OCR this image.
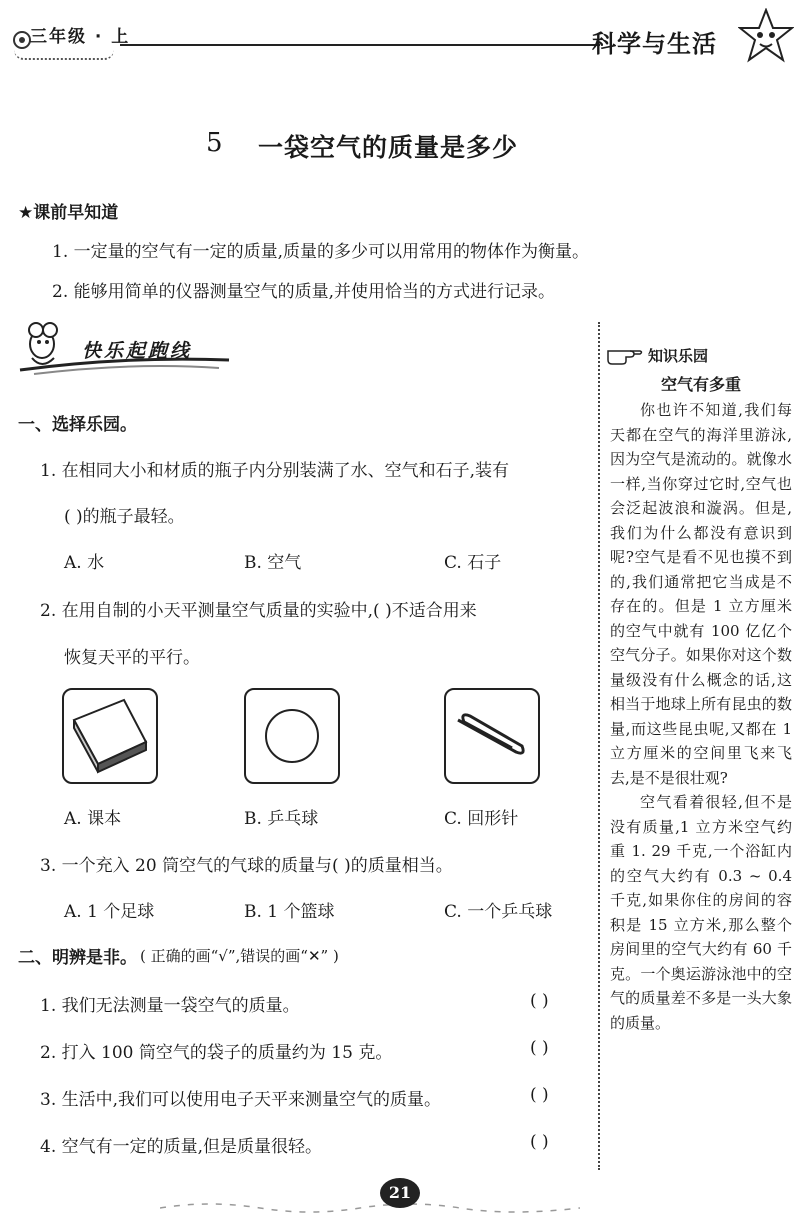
三年级 · 上	科学与生活
5 一袋空气的质量是多少
★课前早知道
1. 一定量的空气有一定的质量,质量的多少可以用常用的物体作为衡量。
2. 能够用简单的仪器测量空气的质量,并使用恰当的方式进行记录。
快乐起跑线
一、选择乐园。
1. 在相同大小和材质的瓶子内分别装满了水、空气和石子,装有
( )的瓶子最轻。
A. 水	B. 空气	C. 石子
2. 在用自制的小天平测量空气质量的实验中,( )不适合用来
恢复天平的平行。
A. 课本	B. 乒乓球	C. 回形针
3. 一个充入 20 筒空气的气球的质量与( )的质量相当。
A. 1 个足球	B. 1 个篮球	C. 一个乒乓球
二、明辨是非。 ( 正确的画“√”,错误的画“✕” )
1. 我们无法测量一袋空气的质量。	( )
2. 打入 100 筒空气的袋子的质量约为 15 克。	( )
3. 生活中,我们可以使用电子天平来测量空气的质量。	( )
4. 空气有一定的质量,但是质量很轻。	( )
知识乐园
空气有多重

你也许不知道,我们每天都在空气的海洋里游泳,因为空气是流动的。就像水一样,当你穿过它时,空气也会泛起波浪和漩涡。但是,我们为什么都没有意识到呢?空气是看不见也摸不到的,我们通常把它当成是不存在的。但是 1 立方厘米的空气中就有 100 亿亿个空气分子。如果你对这个数量级没有什么概念的话,这相当于地球上所有昆虫的数量,而这些昆虫呢,又都在 1 立方厘米的空间里飞来飞去,是不是很壮观?

空气看着很轻,但不是没有质量,1 立方米空气约重 1. 29 千克,一个浴缸内的空气大约有 0.3 ~ 0.4 千克,如果你住的房间的容积是 15 立方米,那么整个房间里的空气大约有 60 千克。一个奥运游泳池中的空气的质量差不多是一头大象的质量。

21
